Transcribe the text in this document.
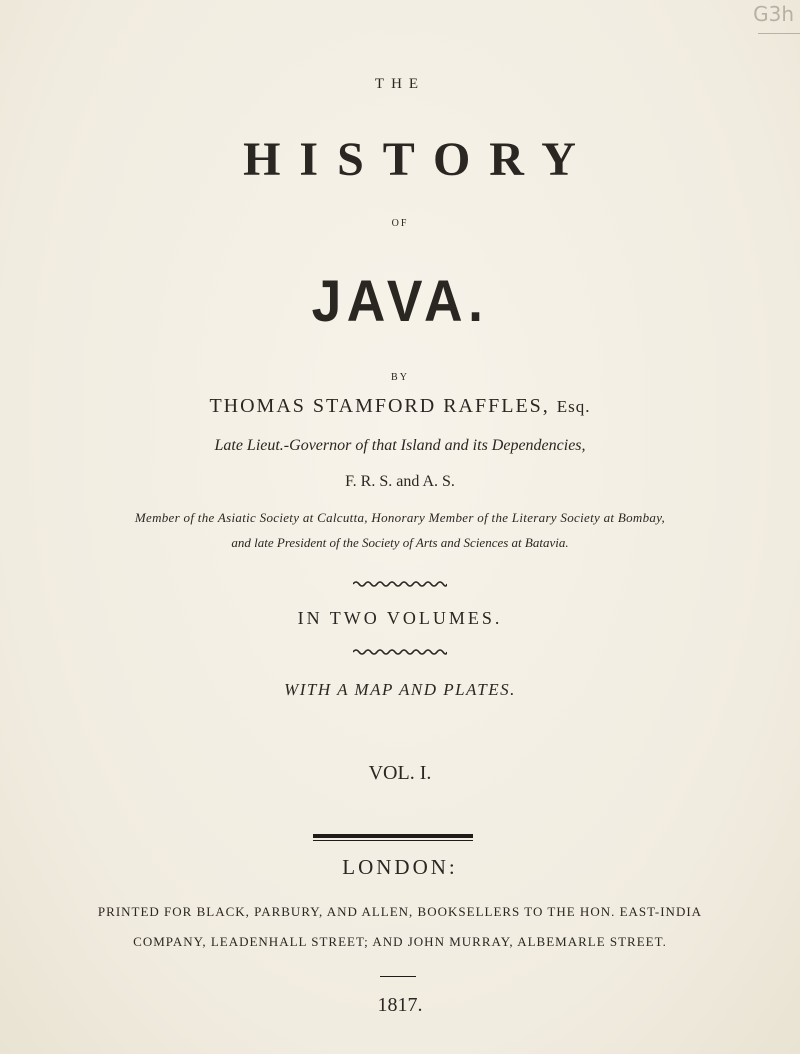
G3h
THE
HISTORY
OF
JAVA.
BY
THOMAS STAMFORD RAFFLES, Esq.
Late Lieut.-Governor of that Island and its Dependencies,
F. R. S. and A. S.
Member of the Asiatic Society at Calcutta, Honorary Member of the Literary Society at Bombay,
and late President of the Society of Arts and Sciences at Batavia.
IN TWO VOLUMES.
WITH A MAP AND PLATES.
VOL. I.
LONDON:
PRINTED FOR BLACK, PARBURY, AND ALLEN, BOOKSELLERS TO THE HON. EAST-INDIA
COMPANY, LEADENHALL STREET; AND JOHN MURRAY, ALBEMARLE STREET.
1817.
